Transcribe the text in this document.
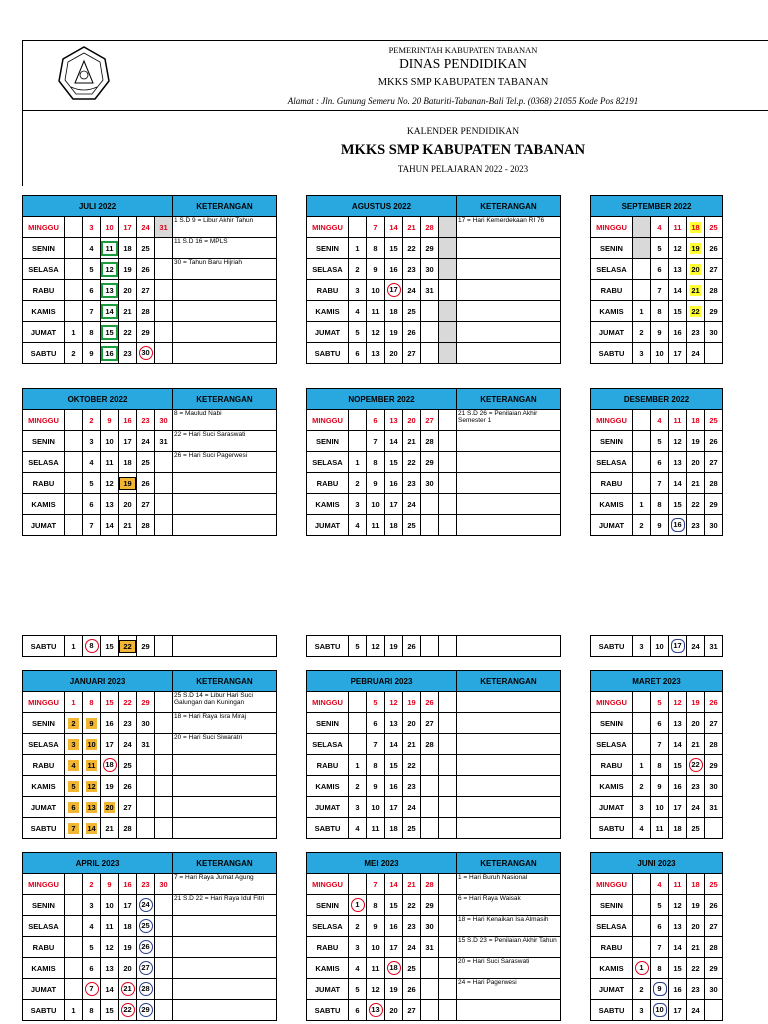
PEMERINTAH KABUPATEN TABANAN
DINAS PENDIDIKAN
MKKS SMP KABUPATEN TABANAN
Alamat : Jln. Gunung Semeru No. 20 Baturiti-Tabanan-Bali Tel.p. (0368) 21055 Kode Pos 82191
KALENDER PENDIDIKAN
MKKS SMP KABUPATEN TABANAN
TAHUN PELAJARAN 2022 - 2023
JULI 2022							KETERANGAN
MINGGU		3	10	17	24	31	1 S.D 9 = Libur Akhir Tahun
SENIN		4	11	18	25		11 S.D 16 = MPLS
SELASA		5	12	19	26		30 = Tahun Baru Hijriah
RABU		6	13	20	27		
KAMIS		7	14	21	28		
JUMAT	1	8	15	22	29		
SABTU	2	9	16	23	30		
AGUSTUS 2022							KETERANGAN
MINGGU		7	14	21	28		17 = Hari Kemerdekaan RI 76
SENIN	1	8	15	22	29		
SELASA	2	9	16	23	30		
RABU	3	10	17	24	31		
KAMIS	4	11	18	25			
JUMAT	5	12	19	26			
SABTU	6	13	20	27			
SEPTEMBER 2022					
MINGGU		4	11	18	25
SENIN		5	12	19	26
SELASA		6	13	20	27
RABU		7	14	21	28
KAMIS	1	8	15	22	29
JUMAT	2	9	16	23	30
SABTU	3	10	17	24	
OKTOBER 2022							KETERANGAN
MINGGU		2	9	16	23	30	8 = Maulud Nabi
SENIN		3	10	17	24	31	22 = Hari Suci Saraswati
SELASA		4	11	18	25		26 = Hari Suci Pagerwesi
RABU		5	12	19	26		
KAMIS		6	13	20	27		
JUMAT		7	14	21	28		
SABTU	1	8	15	22	29		
NOPEMBER 2022							KETERANGAN
MINGGU		6	13	20	27		21 S.D 26 = Penilaian Akhir Semester 1
SENIN		7	14	21	28		
SELASA	1	8	15	22	29		
RABU	2	9	16	23	30		
KAMIS	3	10	17	24			
JUMAT	4	11	18	25			
SABTU	5	12	19	26			
DESEMBER 2022					
MINGGU		4	11	18	25
SENIN		5	12	19	26
SELASA		6	13	20	27
RABU		7	14	21	28
KAMIS	1	8	15	22	29
JUMAT	2	9	16	23	30
SABTU	3	10	17	24	31
JANUARI 2023							KETERANGAN
MINGGU	1	8	15	22	29		25 S.D 14 = Libur Hari Suci Galungan dan Kuningan
SENIN	2	9	16	23	30		18 = Hari Raya Isra Miraj
SELASA	3	10	17	24	31		20 = Hari Suci Siwaratri
RABU	4	11	18	25			
KAMIS	5	12	19	26			
JUMAT	6	13	20	27			
SABTU	7	14	21	28			
PEBRUARI 2023							KETERANGAN
MINGGU		5	12	19	26		
SENIN		6	13	20	27		
SELASA		7	14	21	28		
RABU	1	8	15	22			
KAMIS	2	9	16	23			
JUMAT	3	10	17	24			
SABTU	4	11	18	25			
MARET 2023					
MINGGU		5	12	19	26
SENIN		6	13	20	27
SELASA		7	14	21	28
RABU	1	8	15	22	29
KAMIS	2	9	16	23	30
JUMAT	3	10	17	24	31
SABTU	4	11	18	25	
APRIL 2023							KETERANGAN
MINGGU		2	9	16	23	30	7 = Hari Raya Jumat Agung
SENIN		3	10	17	24		21 S.D 22 = Hari Raya Idul Fitri
SELASA		4	11	18	25		
RABU		5	12	19	26		
KAMIS		6	13	20	27		
JUMAT		7	14	21	28		
SABTU	1	8	15	22	29		
MEI 2023							KETERANGAN
MINGGU		7	14	21	28		1 = Hari Buruh Nasional
SENIN	1	8	15	22	29		6 = Hari Raya Waisak
SELASA	2	9	16	23	30		18 = Hari Kenaikan Isa Almasih
RABU	3	10	17	24	31		15 S.D 23 = Penilaian Akhir Tahun
KAMIS	4	11	18	25			20 = Hari Suci Saraswati
JUMAT	5	12	19	26			24 = Hari Pagerwesi
SABTU	6	13	20	27			
JUNI 2023					
MINGGU		4	11	18	25
SENIN		5	12	19	26
SELASA		6	13	20	27
RABU		7	14	21	28
KAMIS	1	8	15	22	29
JUMAT	2	9	16	23	30
SABTU	3	10	17	24	
